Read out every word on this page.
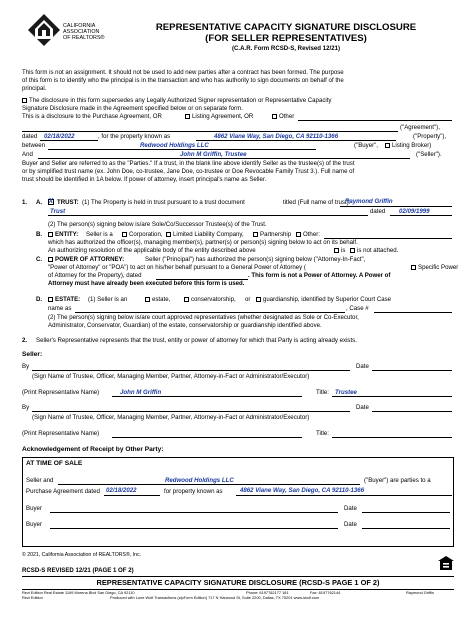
CALIFORNIA
ASSOCIATION
OF REALTORS®
REPRESENTATIVE CAPACITY SIGNATURE DISCLOSURE
(FOR SELLER REPRESENTATIVES)
(C.A.R. Form RCSD-S, Revised 12/21)
This form is not an assignment. It should not be used to add new parties after a contract has been formed. The purpose
of this form is to identify who the principal is in the transaction and who has authority to sign documents on behalf of the
principal.
The disclosure in this form supersedes any Legally Authorized Signer representation or Representative Capacity
Signature Disclosure made in the Agreement specified below or on separate form.
This is a disclosure to the Purchase Agreement, OR	Listing Agreement, OR	Other
("Agreement"),
dated 02/18/2022	, for the property known as	4862 Viane Way, San Diego, CA 92110-1366	("Property"),
between	Redwood Holdings LLC	("Buyer", Listing Broker)
And	John M Griffin, Trustee	("Seller").
Buyer and Seller are referred to as the "Parties." If a trust, in the blank line above identify Seller as the trustee(s) of the trust
or by simplified trust name (ex. John Doe, co-trustee, Jane Doe, co-trustee or Doe Revocable Family Trust 3.). Full name of
trust should be identified in 1A below. If power of attorney, insert principal's name as Seller.
1. A. X TRUST: (1) The Property is held in trust pursuant to a trust document	titled (Full name of trust):
Raymond Griffin
Trust	dated 02/09/1999
(2) The person(s) signing below is/are Sole/Co/Successor Trustee(s) of the Trust.
B. ENTITY: Seller is a	Corporation, Limited Liability Company,	Partnership Other:
which has authorized the officer(s), managing member(s), partner(s) or person(s) signing below to act on its behalf.
An authorizing resolution of the applicable body of the entity described above	is is not attached.
C. POWER OF ATTORNEY:	Seller ("Principal") has authorized the person(s) signing below ("Attorney-In-Fact",
"Power of Attorney" or "POA") to act on his/her behalf pursuant to a General Power of Attorney (	Specific Power
of Attorney for the Property), dated	. This form is not a Power of Attorney. A Power of
Attorney must have already been executed before this form is used.
D. ESTATE: (1) Seller is an	estate,	conservatorship, or guardianship, identified by Superior Court Case
name as	, Case #
(2) The person(s) signing below is/are court approved representatives (whether designated as Sole or Co-Executor,
Administrator, Conservator, Guardian) of the estate, conservatorship or guardianship identified above.
2. Seller's Representative represents that the trust, entity or power of attorney for which that Party is acting already exists.
Seller:
By	Date
(Sign Name of Trustee, Officer, Managing Member, Partner, Attorney-in-Fact or Administrator/Executor)
(Print Representative Name)	John M Griffin	Title: Trustee
By	Date
(Sign Name of Trustee, Officer, Managing Member, Partner, Attorney-in-Fact or Administrator/Executor)
(Print Representative Name)	Title:
Acknowledgement of Receipt by Other Party:
AT TIME OF SALE
Seller and	Redwood Holdings LLC	("Buyer") are parties to a
Purchase Agreement dated 02/18/2022	for property known as	4862 Viane Way, San Diego, CA 92110-1366
Buyer	Date
Buyer	Date
© 2021, California Association of REALTORS®, Inc.
RCSD-S REVISED 12/21 (PAGE 1 OF 2)
REPRESENTATIVE CAPACITY SIGNATURE DISCLOSURE (RCSD-S PAGE 1 OF 2)
Rezi Edition Real Estate 1169 Morena Blvd San Diego, CA 92110	Phone: 6197762177 181	Fax: 6197762144	Raymond Griffin
Rezi Edition	Produced with Lone Wolf Transactions (zipForm Edition) 717 N Harwood St, Suite 2200, Dallas, TX 75201 www.lwolf.com
